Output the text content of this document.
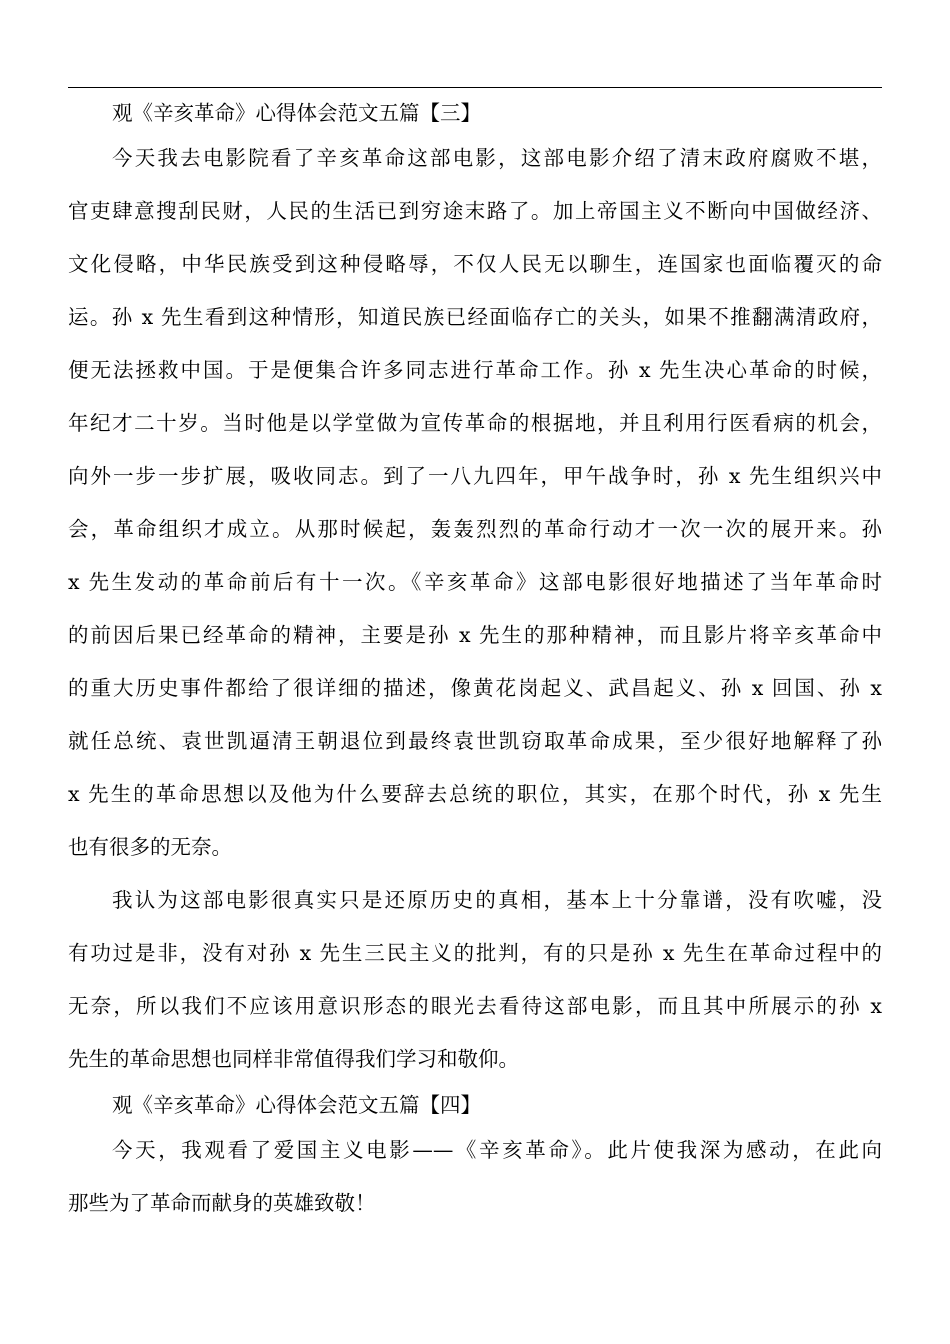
观《辛亥革命》心得体会范文五篇【三】
今天我去电影院看了辛亥革命这部电影，这部电影介绍了清末政府腐败不堪，
官吏肆意搜刮民财，人民的生活已到穷途末路了。加上帝国主义不断向中国做经济、
文化侵略，中华民族受到这种侵略辱，不仅人民无以聊生，连国家也面临覆灭的命
运。孙 x 先生看到这种情形，知道民族已经面临存亡的关头，如果不推翻满清政府，
便无法拯救中国。于是便集合许多同志进行革命工作。孙 x 先生决心革命的时候，
年纪才二十岁。当时他是以学堂做为宣传革命的根据地，并且利用行医看病的机会，
向外一步一步扩展，吸收同志。到了一八九四年，甲午战争时，孙 x 先生组织兴中
会，革命组织才成立。从那时候起，轰轰烈烈的革命行动才一次一次的展开来。孙
x 先生发动的革命前后有十一次。《辛亥革命》这部电影很好地描述了当年革命时
的前因后果已经革命的精神，主要是孙 x 先生的那种精神，而且影片将辛亥革命中
的重大历史事件都给了很详细的描述，像黄花岗起义、武昌起义、孙 x 回国、孙 x
就任总统、袁世凯逼清王朝退位到最终袁世凯窃取革命成果，至少很好地解释了孙
x 先生的革命思想以及他为什么要辞去总统的职位，其实，在那个时代，孙 x 先生
也有很多的无奈。
我认为这部电影很真实只是还原历史的真相，基本上十分靠谱，没有吹嘘，没
有功过是非，没有对孙 x 先生三民主义的批判，有的只是孙 x 先生在革命过程中的
无奈，所以我们不应该用意识形态的眼光去看待这部电影，而且其中所展示的孙 x
先生的革命思想也同样非常值得我们学习和敬仰。
观《辛亥革命》心得体会范文五篇【四】
今天，我观看了爱国主义电影——《辛亥革命》。此片使我深为感动，在此向
那些为了革命而献身的英雄致敬！
